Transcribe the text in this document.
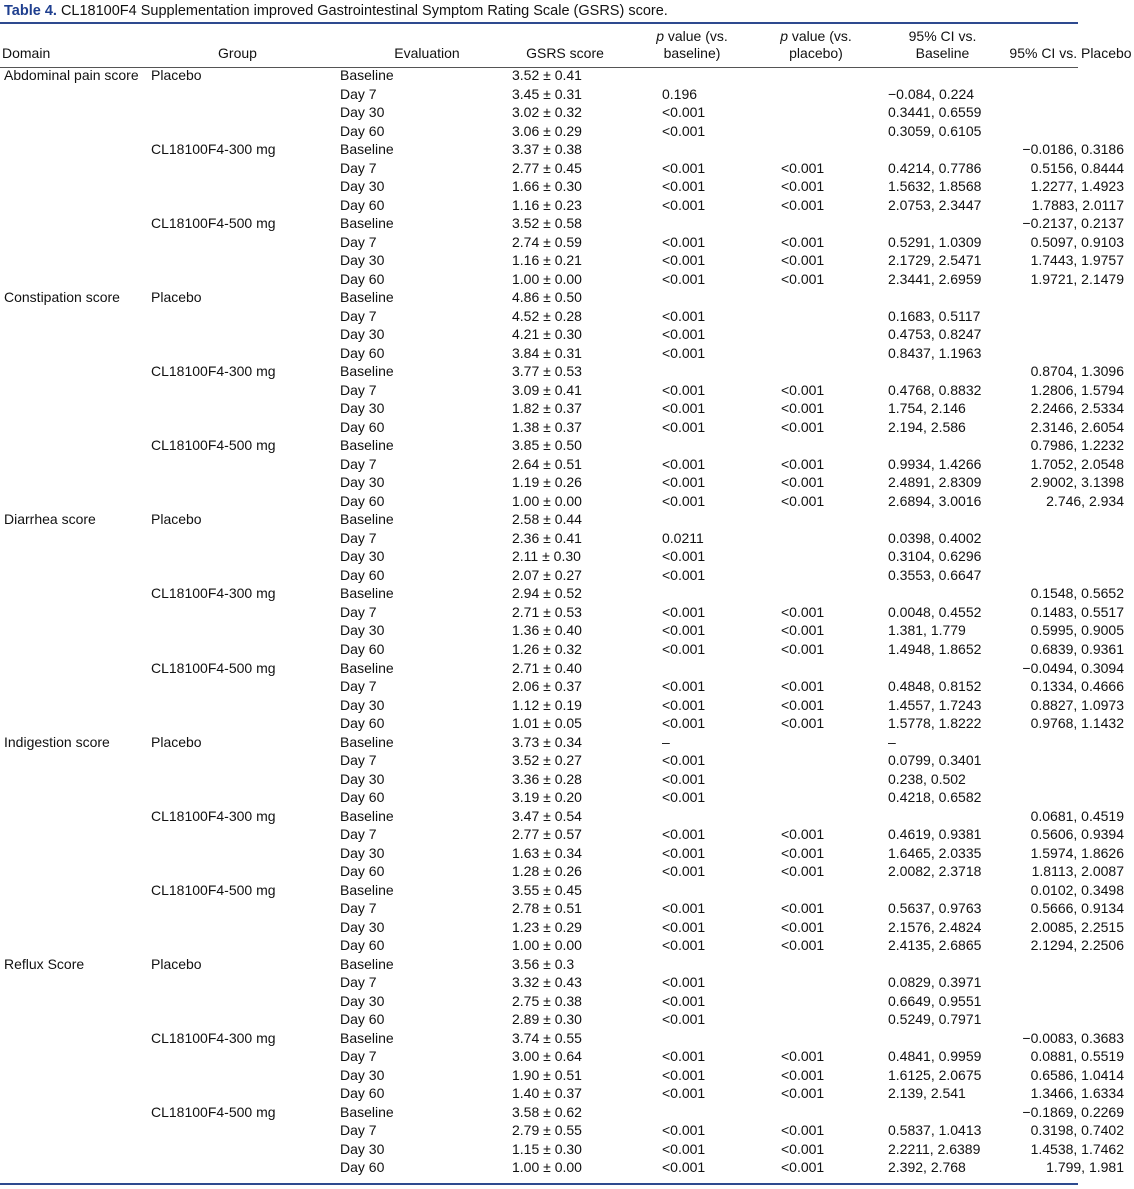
Table 4. CL18100F4 Supplementation improved Gastrointestinal Symptom Rating Scale (GSRS) score.
Domain	Group	Evaluation	GSRS score	p value (vs. baseline)	p value (vs. placebo)	95% CI vs. Baseline	95% CI vs. Placebo

Abdominal pain score	Placebo	Baseline	3.52 ± 0.41				
		Day 7	3.45 ± 0.31	0.196		−0.084, 0.224	
		Day 30	3.02 ± 0.32	<0.001		0.3441, 0.6559	
		Day 60	3.06 ± 0.29	<0.001		0.3059, 0.6105	
	CL18100F4-300 mg	Baseline	3.37 ± 0.38				−0.0186, 0.3186
		Day 7	2.77 ± 0.45	<0.001	<0.001	0.4214, 0.7786	0.5156, 0.8444
		Day 30	1.66 ± 0.30	<0.001	<0.001	1.5632, 1.8568	1.2277, 1.4923
		Day 60	1.16 ± 0.23	<0.001	<0.001	2.0753, 2.3447	1.7883, 2.0117
	CL18100F4-500 mg	Baseline	3.52 ± 0.58				−0.2137, 0.2137
		Day 7	2.74 ± 0.59	<0.001	<0.001	0.5291, 1.0309	0.5097, 0.9103
		Day 30	1.16 ± 0.21	<0.001	<0.001	2.1729, 2.5471	1.7443, 1.9757
		Day 60	1.00 ± 0.00	<0.001	<0.001	2.3441, 2.6959	1.9721, 2.1479

Constipation score	Placebo	Baseline	4.86 ± 0.50				
		Day 7	4.52 ± 0.28	<0.001		0.1683, 0.5117	
		Day 30	4.21 ± 0.30	<0.001		0.4753, 0.8247	
		Day 60	3.84 ± 0.31	<0.001		0.8437, 1.1963	
	CL18100F4-300 mg	Baseline	3.77 ± 0.53				0.8704, 1.3096
		Day 7	3.09 ± 0.41	<0.001	<0.001	0.4768, 0.8832	1.2806, 1.5794
		Day 30	1.82 ± 0.37	<0.001	<0.001	1.754, 2.146	2.2466, 2.5334
		Day 60	1.38 ± 0.37	<0.001	<0.001	2.194, 2.586	2.3146, 2.6054
	CL18100F4-500 mg	Baseline	3.85 ± 0.50				0.7986, 1.2232
		Day 7	2.64 ± 0.51	<0.001	<0.001	0.9934, 1.4266	1.7052, 2.0548
		Day 30	1.19 ± 0.26	<0.001	<0.001	2.4891, 2.8309	2.9002, 3.1398
		Day 60	1.00 ± 0.00	<0.001	<0.001	2.6894, 3.0016	2.746, 2.934

Diarrhea score	Placebo	Baseline	2.58 ± 0.44				
		Day 7	2.36 ± 0.41	0.0211		0.0398, 0.4002	
		Day 30	2.11 ± 0.30	<0.001		0.3104, 0.6296	
		Day 60	2.07 ± 0.27	<0.001		0.3553, 0.6647	
	CL18100F4-300 mg	Baseline	2.94 ± 0.52				0.1548, 0.5652
		Day 7	2.71 ± 0.53	<0.001	<0.001	0.0048, 0.4552	0.1483, 0.5517
		Day 30	1.36 ± 0.40	<0.001	<0.001	1.381, 1.779	0.5995, 0.9005
		Day 60	1.26 ± 0.32	<0.001	<0.001	1.4948, 1.8652	0.6839, 0.9361
	CL18100F4-500 mg	Baseline	2.71 ± 0.40				−0.0494, 0.3094
		Day 7	2.06 ± 0.37	<0.001	<0.001	0.4848, 0.8152	0.1334, 0.4666
		Day 30	1.12 ± 0.19	<0.001	<0.001	1.4557, 1.7243	0.8827, 1.0973
		Day 60	1.01 ± 0.05	<0.001	<0.001	1.5778, 1.8222	0.9768, 1.1432

Indigestion score	Placebo	Baseline	3.73 ± 0.34	–		–	
		Day 7	3.52 ± 0.27	<0.001		0.0799, 0.3401	
		Day 30	3.36 ± 0.28	<0.001		0.238, 0.502	
		Day 60	3.19 ± 0.20	<0.001		0.4218, 0.6582	
	CL18100F4-300 mg	Baseline	3.47 ± 0.54				0.0681, 0.4519
		Day 7	2.77 ± 0.57	<0.001	<0.001	0.4619, 0.9381	0.5606, 0.9394
		Day 30	1.63 ± 0.34	<0.001	<0.001	1.6465, 2.0335	1.5974, 1.8626
		Day 60	1.28 ± 0.26	<0.001	<0.001	2.0082, 2.3718	1.8113, 2.0087
	CL18100F4-500 mg	Baseline	3.55 ± 0.45				0.0102, 0.3498
		Day 7	2.78 ± 0.51	<0.001	<0.001	0.5637, 0.9763	0.5666, 0.9134
		Day 30	1.23 ± 0.29	<0.001	<0.001	2.1576, 2.4824	2.0085, 2.2515
		Day 60	1.00 ± 0.00	<0.001	<0.001	2.4135, 2.6865	2.1294, 2.2506

Reflux Score	Placebo	Baseline	3.56 ± 0.3				
		Day 7	3.32 ± 0.43	<0.001		0.0829, 0.3971	
		Day 30	2.75 ± 0.38	<0.001		0.6649, 0.9551	
		Day 60	2.89 ± 0.30	<0.001		0.5249, 0.7971	
	CL18100F4-300 mg	Baseline	3.74 ± 0.55				−0.0083, 0.3683
		Day 7	3.00 ± 0.64	<0.001	<0.001	0.4841, 0.9959	0.0881, 0.5519
		Day 30	1.90 ± 0.51	<0.001	<0.001	1.6125, 2.0675	0.6586, 1.0414
		Day 60	1.40 ± 0.37	<0.001	<0.001	2.139, 2.541	1.3466, 1.6334
	CL18100F4-500 mg	Baseline	3.58 ± 0.62				−0.1869, 0.2269
		Day 7	2.79 ± 0.55	<0.001	<0.001	0.5837, 1.0413	0.3198, 0.7402
		Day 30	1.15 ± 0.30	<0.001	<0.001	2.2211, 2.6389	1.4538, 1.7462
		Day 60	1.00 ± 0.00	<0.001	<0.001	2.392, 2.768	1.799, 1.981
